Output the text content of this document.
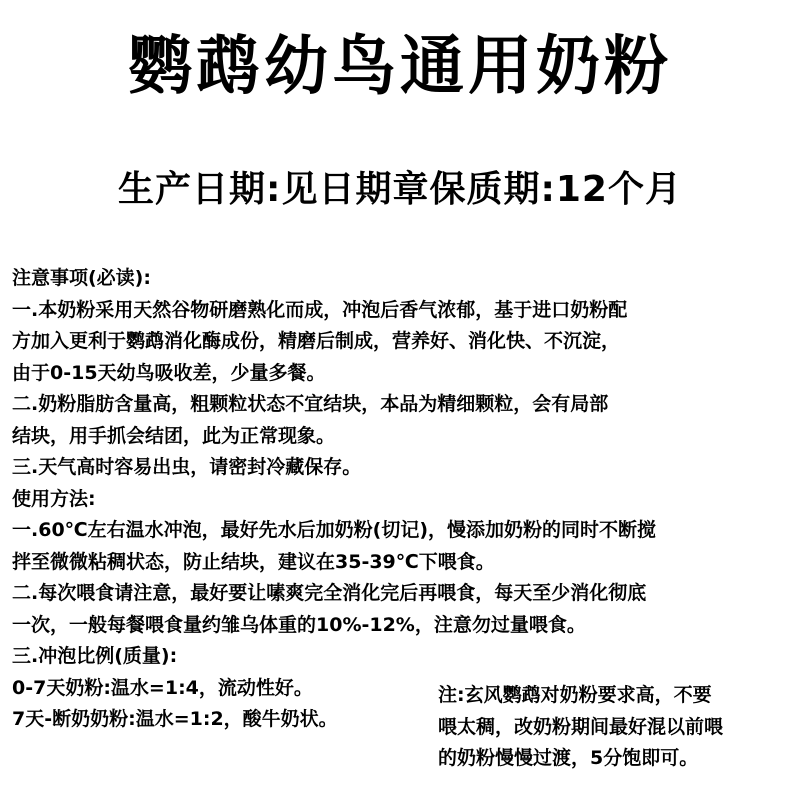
鹦鹉幼鸟通用奶粉
生产日期:见日期章保质期:12个月
注意事项(必读):
一.本奶粉采用天然谷物研磨熟化而成，冲泡后香气浓郁，基于进口奶粉配
方加入更利于鹦鹉消化酶成份，精磨后制成，营养好、消化快、不沉淀，
由于0-15天幼鸟吸收差，少量多餐。
二.奶粉脂肪含量高，粗颗粒状态不宜结块，本品为精细颗粒，会有局部
结块，用手抓会结团，此为正常现象。
三.天气高时容易出虫，请密封冷藏保存。
使用方法:
一.60℃左右温水冲泡，最好先水后加奶粉(切记)，慢添加奶粉的同时不断搅
拌至微微粘稠状态，防止结块，建议在35-39℃下喂食。
二.每次喂食请注意，最好要让嗉爽完全消化完后再喂食，每天至少消化彻底
一次，一般每餐喂食量约雏乌体重的10%-12%，注意勿过量喂食。
三.冲泡比例(质量):
0-7天奶粉:温水=1:4，流动性好。
7天-断奶奶粉:温水=1:2，酸牛奶状。
注:玄风鹦鹉对奶粉要求高，不要
喂太稠，改奶粉期间最好混以前喂
的奶粉慢慢过渡，5分饱即可。
